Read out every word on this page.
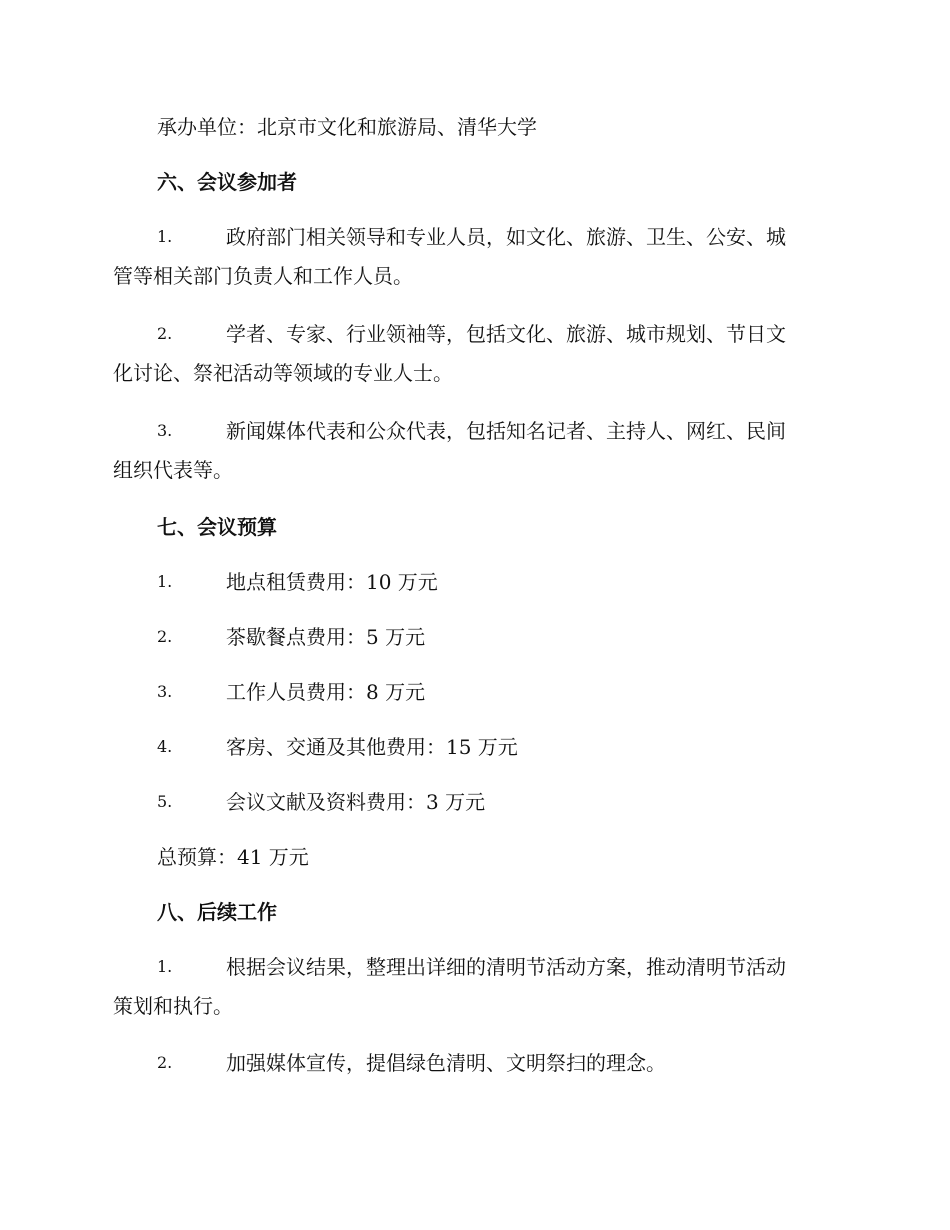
承办单位：北京市文化和旅游局、清华大学
六、会议参加者
1.	政府部门相关领导和专业人员，如文化、旅游、卫生、公安、城
管等相关部门负责人和工作人员。
2.	学者、专家、行业领袖等，包括文化、旅游、城市规划、节日文
化讨论、祭祀活动等领域的专业人士。
3.	新闻媒体代表和公众代表，包括知名记者、主持人、网红、民间
组织代表等。
七、会议预算
1.	地点租赁费用：10 万元
2.	茶歇餐点费用：5 万元
3.	工作人员费用：8 万元
4.	客房、交通及其他费用：15 万元
5.	会议文献及资料费用：3 万元
总预算：41 万元
八、后续工作
1.	根据会议结果，整理出详细的清明节活动方案，推动清明节活动
策划和执行。
2.	加强媒体宣传，提倡绿色清明、文明祭扫的理念。
